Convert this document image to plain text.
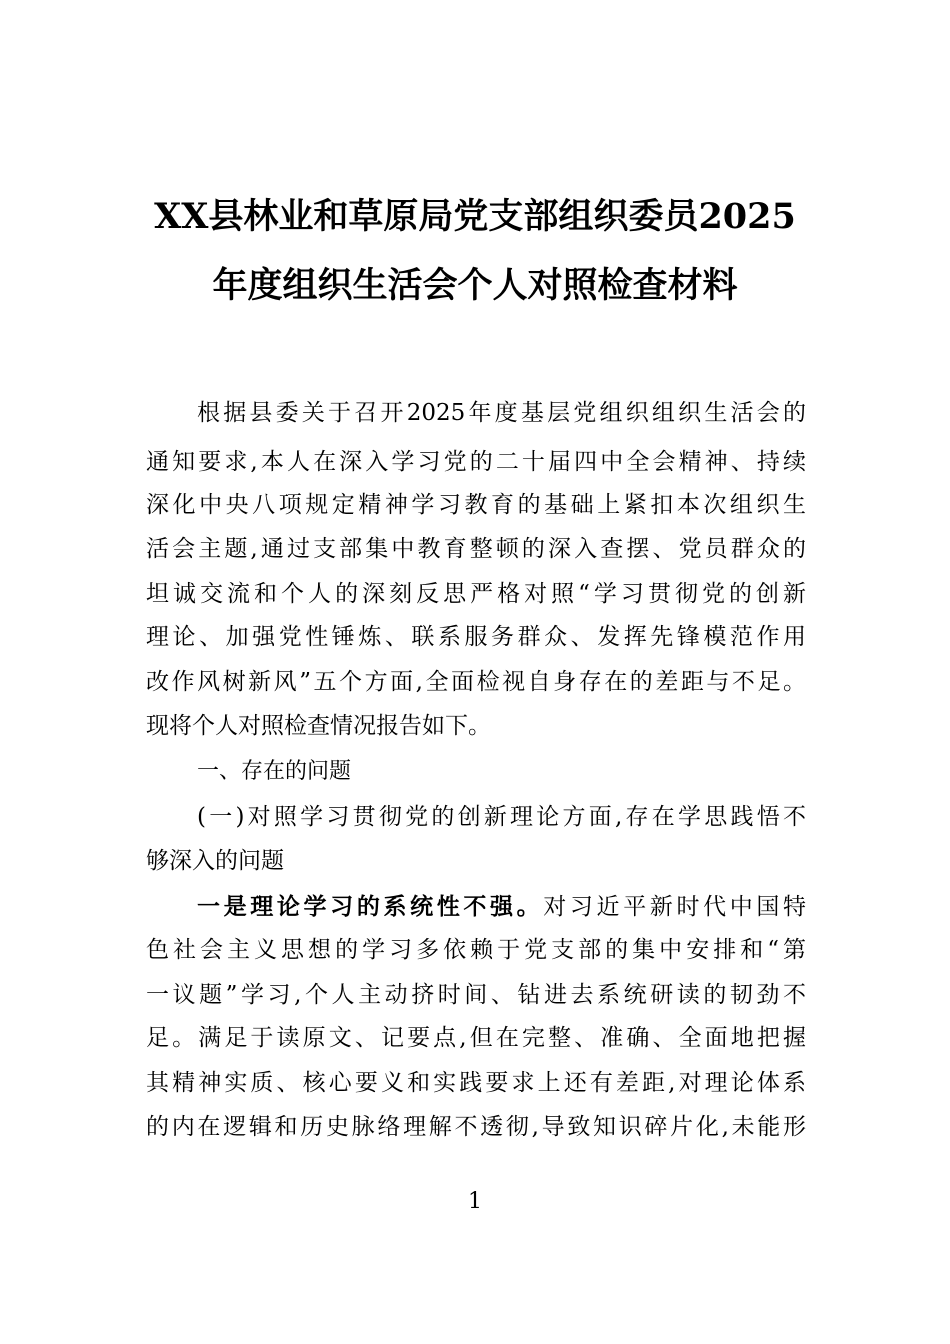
XX县林业和草原局党支部组织委员2025
年度组织生活会个人对照检查材料
根据县委关于召开2025年度基层党组织组织生活会的
通知要求,本人在深入学习党的二十届四中全会精神、持续
深化中央八项规定精神学习教育的基础上紧扣本次组织生
活会主题,通过支部集中教育整顿的深入查摆、党员群众的
坦诚交流和个人的深刻反思严格对照“学习贯彻党的创新
理论、加强党性锤炼、联系服务群众、发挥先锋模范作用
改作风树新风”五个方面,全面检视自身存在的差距与不足。
现将个人对照检查情况报告如下。
一、存在的问题
(一)对照学习贯彻党的创新理论方面,存在学思践悟不
够深入的问题
一是理论学习的系统性不强。对习近平新时代中国特
色社会主义思想的学习多依赖于党支部的集中安排和“第
一议题”学习,个人主动挤时间、钻进去系统研读的韧劲不
足。满足于读原文、记要点,但在完整、准确、全面地把握
其精神实质、核心要义和实践要求上还有差距,对理论体系
的内在逻辑和历史脉络理解不透彻,导致知识碎片化,未能形
1
